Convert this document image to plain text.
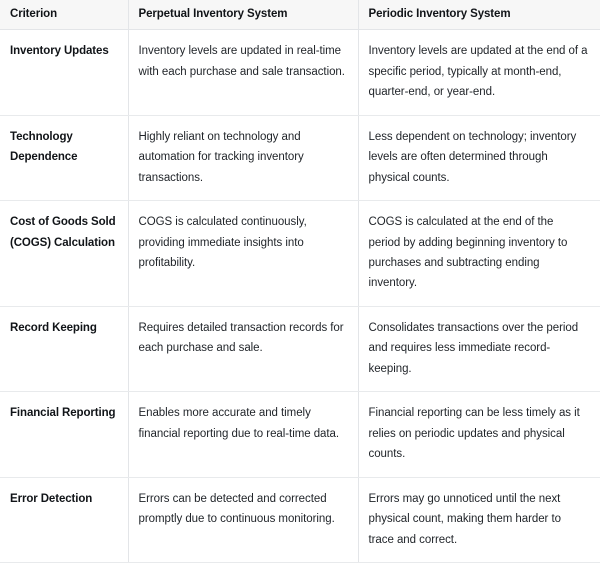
Criterion	Perpetual Inventory System	Periodic Inventory System
Inventory Updates	Inventory levels are updated in real-time with each purchase and sale transaction.	Inventory levels are updated at the end of a specific period, typically at month-end, quarter-end, or year-end.
Technology Dependence	Highly reliant on technology and automation for tracking inventory transactions.	Less dependent on technology; inventory levels are often determined through physical counts.
Cost of Goods Sold (COGS) Calculation	COGS is calculated continuously, providing immediate insights into profitability.	COGS is calculated at the end of the period by adding beginning inventory to purchases and subtracting ending inventory.
Record Keeping	Requires detailed transaction records for each purchase and sale.	Consolidates transactions over the period and requires less immediate record-keeping.
Financial Reporting	Enables more accurate and timely financial reporting due to real-time data.	Financial reporting can be less timely as it relies on periodic updates and physical counts.
Error Detection	Errors can be detected and corrected promptly due to continuous monitoring.	Errors may go unnoticed until the next physical count, making them harder to trace and correct.
